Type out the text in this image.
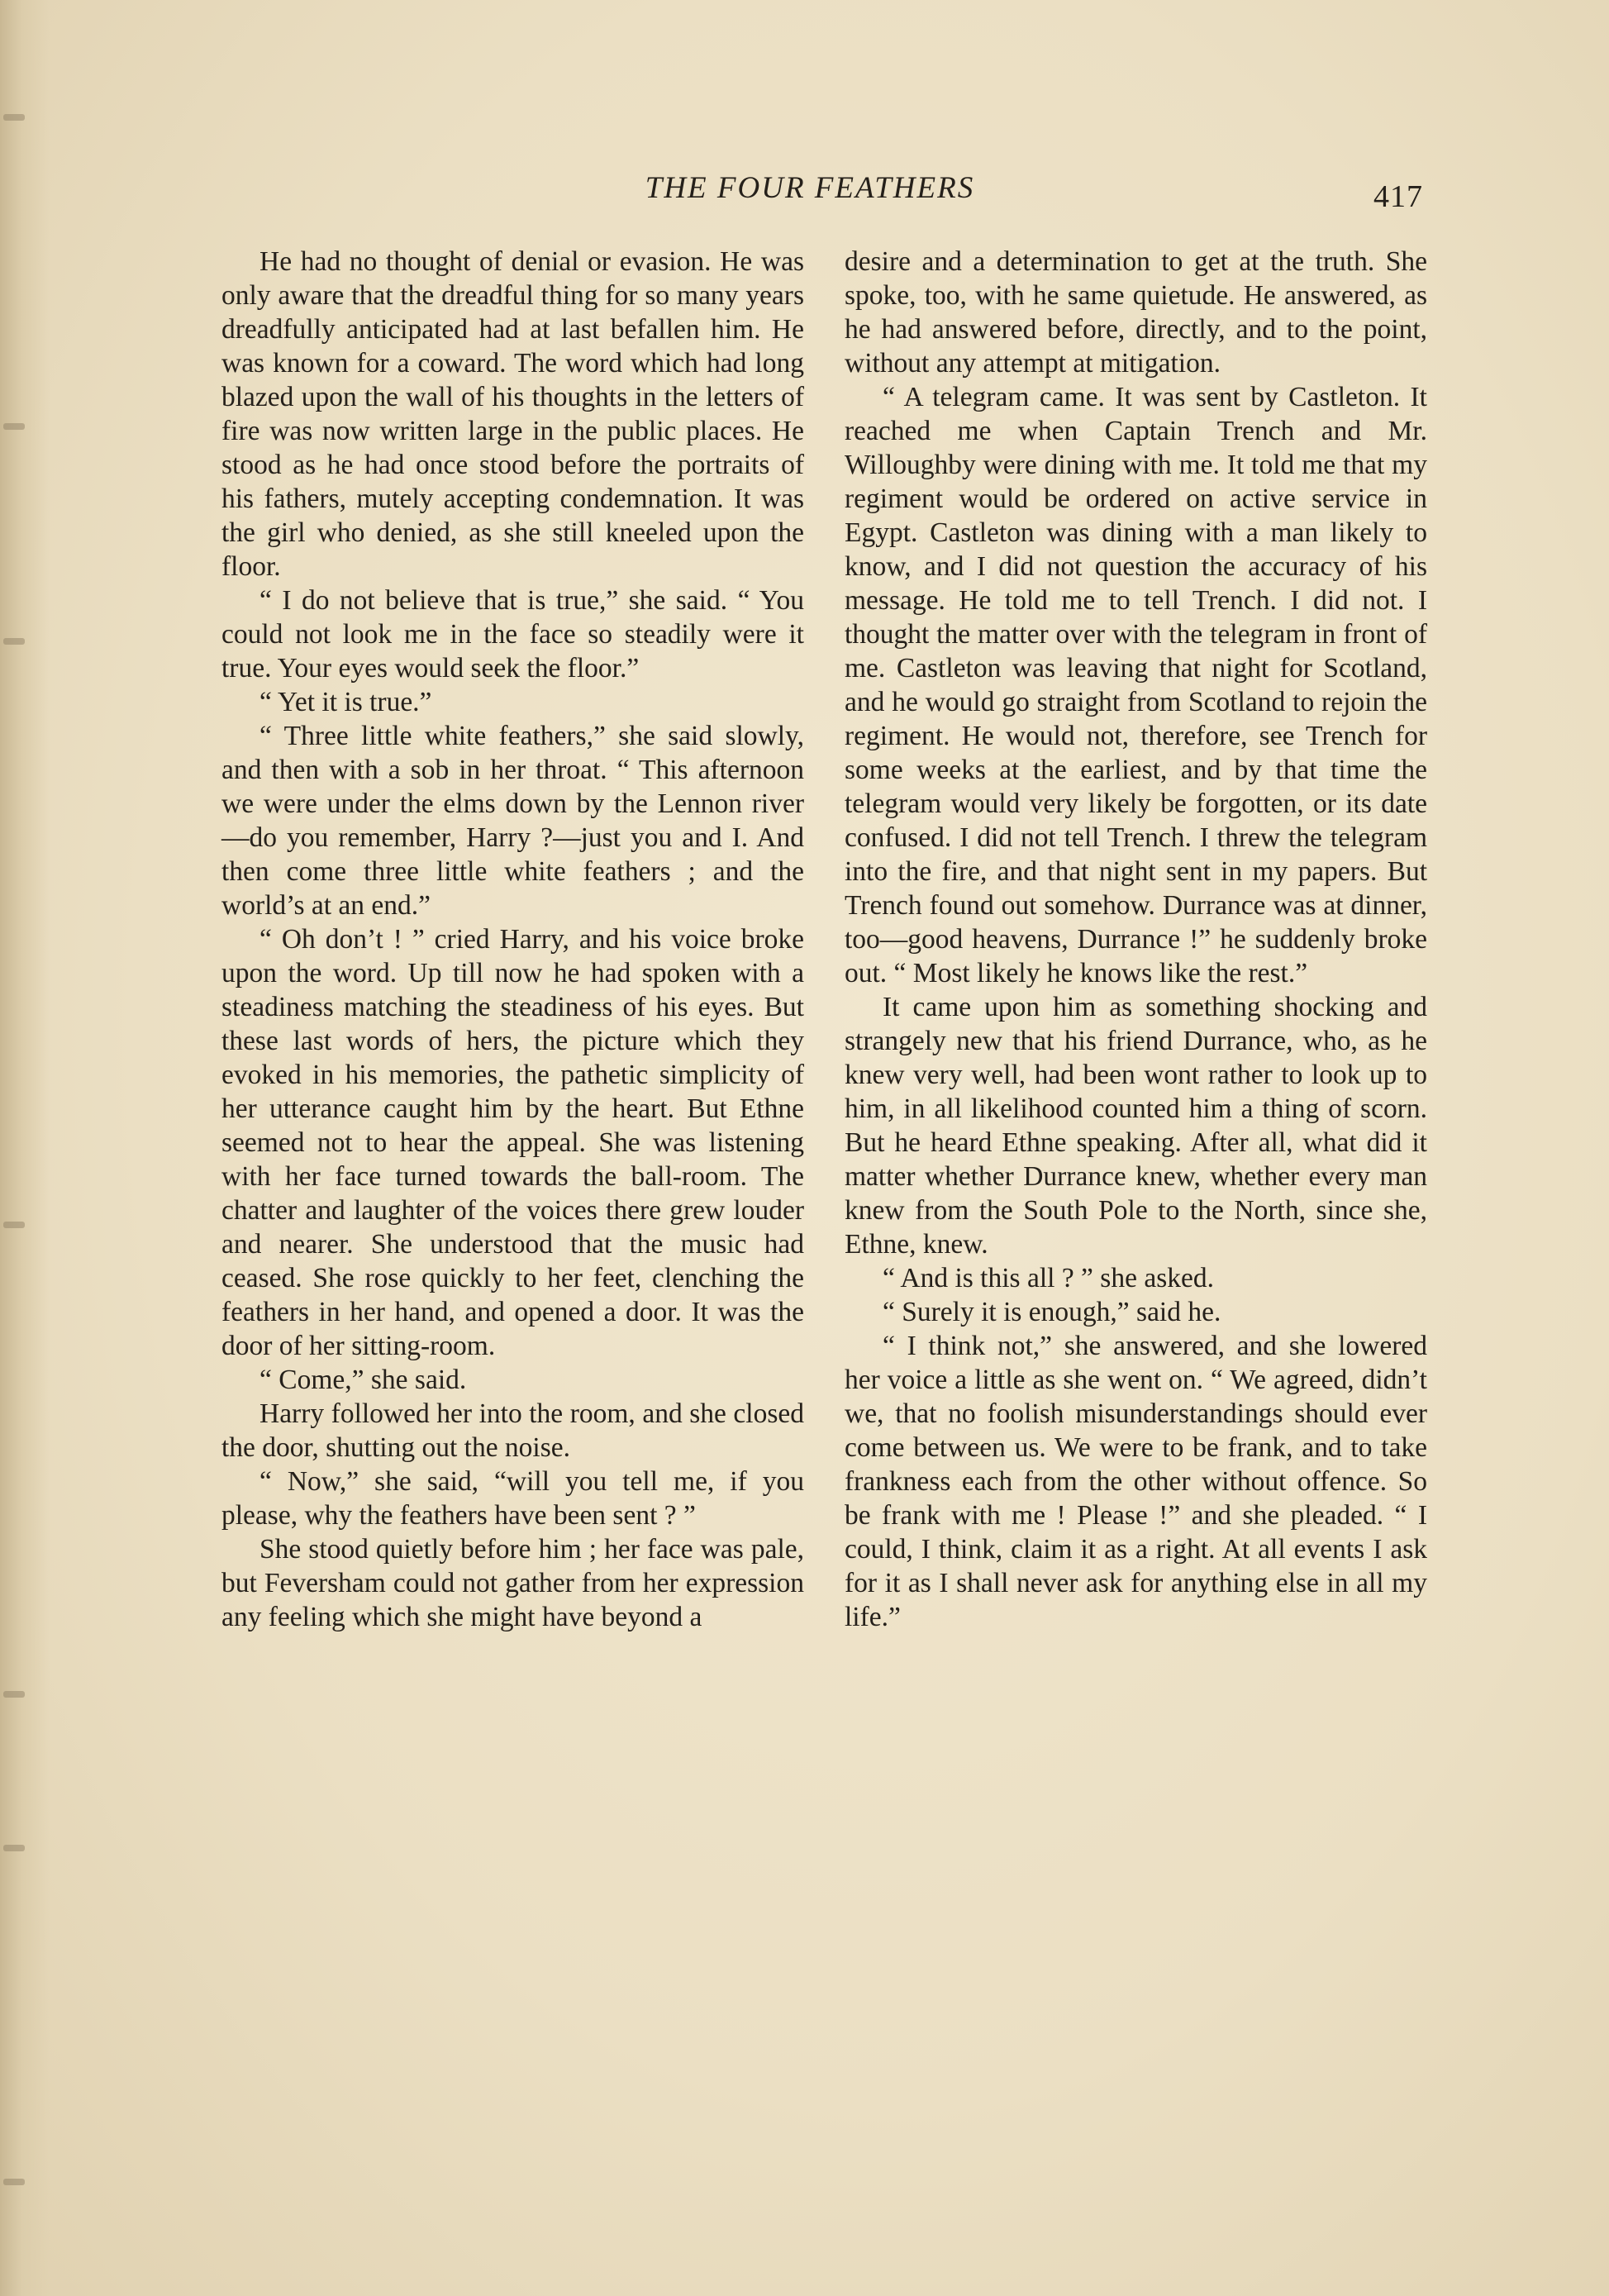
THE FOUR FEATHERS	417

He had no thought of denial or evasion. He was only aware that the dreadful thing for so many years dreadfully anticipated had at last befallen him. He was known for a coward. The word which had long blazed upon the wall of his thoughts in the letters of fire was now written large in the public places. He stood as he had once stood before the portraits of his fathers, mutely accepting condemnation. It was the girl who denied, as she still kneeled upon the floor.

“ I do not believe that is true,” she said. “ You could not look me in the face so steadily were it true. Your eyes would seek the floor.”

“ Yet it is true.”

“ Three little white feathers,” she said slowly, and then with a sob in her throat. “ This afternoon we were under the elms down by the Lennon river —do you remember, Harry ?—just you and I. And then come three little white feathers ; and the world’s at an end.”

“ Oh don’t ! ” cried Harry, and his voice broke upon the word. Up till now he had spoken with a steadiness matching the steadiness of his eyes. But these last words of hers, the picture which they evoked in his memories, the pathetic simplicity of her utterance caught him by the heart. But Ethne seemed not to hear the appeal. She was listening with her face turned towards the ball-room. The chatter and laughter of the voices there grew louder and nearer. She understood that the music had ceased. She rose quickly to her feet, clenching the feathers in her hand, and opened a door. It was the door of her sitting-room.

“ Come,” she said.

Harry followed her into the room, and she closed the door, shutting out the noise.

“ Now,” she said, “will you tell me, if you please, why the feathers have been sent ? ”

She stood quietly before him ; her face was pale, but Feversham could not gather from her expression any feeling which she might have beyond a

desire and a determination to get at the truth. She spoke, too, with he same quietude. He answered, as he had answered before, directly, and to the point, without any attempt at mitigation.

“ A telegram came. It was sent by Castleton. It reached me when Captain Trench and Mr. Willoughby were dining with me. It told me that my regiment would be ordered on active service in Egypt. Castleton was dining with a man likely to know, and I did not question the accuracy of his message. He told me to tell Trench. I did not. I thought the matter over with the telegram in front of me. Castleton was leaving that night for Scotland, and he would go straight from Scotland to rejoin the regiment. He would not, therefore, see Trench for some weeks at the earliest, and by that time the telegram would very likely be forgotten, or its date confused. I did not tell Trench. I threw the telegram into the fire, and that night sent in my papers. But Trench found out somehow. Durrance was at dinner, too—good heavens, Durrance !” he suddenly broke out. “ Most likely he knows like the rest.”

It came upon him as something shocking and strangely new that his friend Durrance, who, as he knew very well, had been wont rather to look up to him, in all likelihood counted him a thing of scorn. But he heard Ethne speaking. After all, what did it matter whether Durrance knew, whether every man knew from the South Pole to the North, since she, Ethne, knew.

“ And is this all ? ” she asked.

“ Surely it is enough,” said he.

“ I think not,” she answered, and she lowered her voice a little as she went on. “ We agreed, didn’t we, that no foolish misunderstandings should ever come between us. We were to be frank, and to take frankness each from the other without offence. So be frank with me ! Please !” and she pleaded. “ I could, I think, claim it as a right. At all events I ask for it as I shall never ask for anything else in all my life.”
